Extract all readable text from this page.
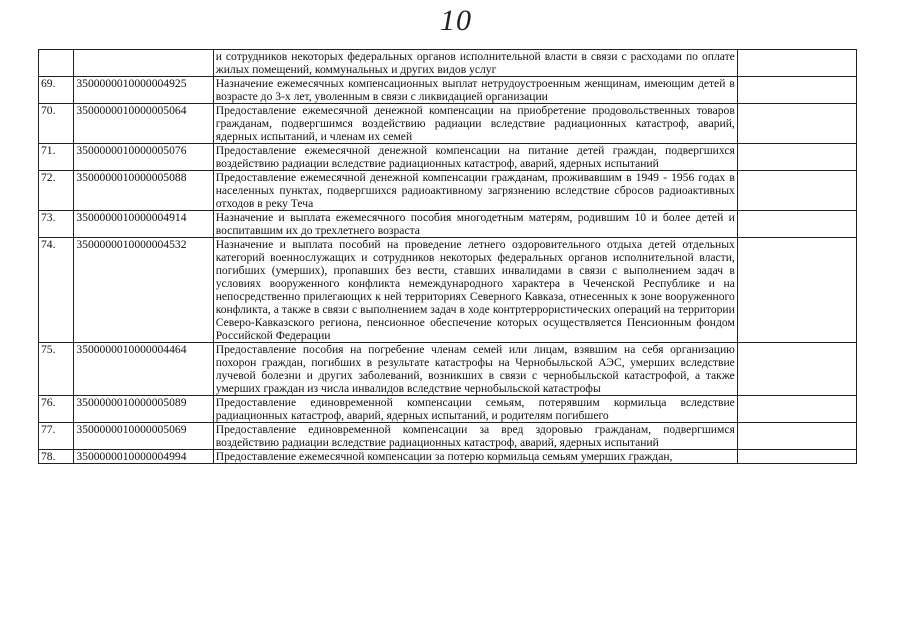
10
		и сотрудников некоторых федеральных органов исполнительной власти в связи с расходами по оплате жилых помещений, коммунальных и других видов услуг	
69.	3500000010000004925	Назначение ежемесячных компенсационных выплат нетрудоустроенным женщинам, имеющим детей в возрасте до 3-х лет, уволенным в связи с ликвидацией организации	
70.	3500000010000005064	Предоставление ежемесячной денежной компенсации на приобретение продовольственных товаров гражданам, подвергшимся воздействию радиации вследствие радиационных катастроф, аварий, ядерных испытаний, и членам их семей	
71.	3500000010000005076	Предоставление ежемесячной денежной компенсации на питание детей граждан, подвергшихся воздействию радиации вследствие радиационных катастроф, аварий, ядерных испытаний	
72.	3500000010000005088	Предоставление ежемесячной денежной компенсации гражданам, проживавшим в 1949 - 1956 годах в населенных пунктах, подвергшихся радиоактивному загрязнению вследствие сбросов радиоактивных отходов в реку Теча	
73.	3500000010000004914	Назначение и выплата ежемесячного пособия многодетным матерям, родившим 10 и более детей и воспитавшим их до трехлетнего возраста	
74.	3500000010000004532	Назначение и выплата пособий на проведение летнего оздоровительного отдыха детей отдельных категорий военнослужащих и сотрудников некоторых федеральных органов исполнительной власти, погибших (умерших), пропавших без вести, ставших инвалидами в связи с выполнением задач в условиях вооруженного конфликта немеждународного характера в Чеченской Республике и на непосредственно прилегающих к ней территориях Северного Кавказа, отнесенных к зоне вооруженного конфликта, а также в связи с выполнением задач в ходе контртеррористических операций на территории Северо-Кавказского региона, пенсионное обеспечение которых осуществляется Пенсионным фондом Российской Федерации	
75.	3500000010000004464	Предоставление пособия на погребение членам семей или лицам, взявшим на себя организацию похорон граждан, погибших в результате катастрофы на Чернобыльской АЭС, умерших вследствие лучевой болезни и других заболеваний, возникших в связи с чернобыльской катастрофой, а также умерших граждан из числа инвалидов вследствие чернобыльской катастрофы	
76.	3500000010000005089	Предоставление единовременной компенсации семьям, потерявшим кормильца вследствие радиационных катастроф, аварий, ядерных испытаний, и родителям погибшего	
77.	3500000010000005069	Предоставление единовременной компенсации за вред здоровью гражданам, подвергшимся воздействию радиации вследствие радиационных катастроф, аварий, ядерных испытаний	
78.	3500000010000004994	Предоставление ежемесячной компенсации за потерю кормильца семьям умерших граждан,	
